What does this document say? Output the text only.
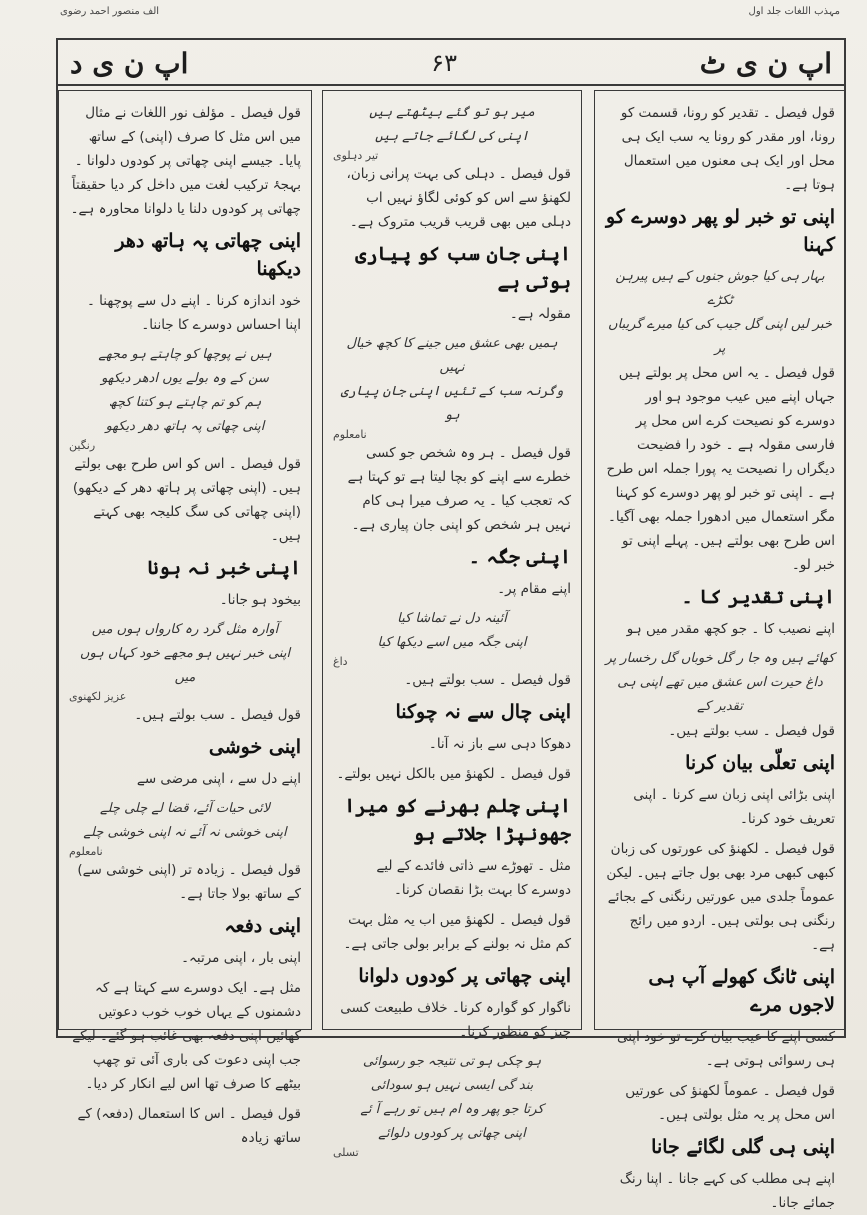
مہذب اللغات جلد اول
الف منصور احمد رضوی
اپ ن ی ٹ
۶۳
اپ ن ی د
قول فیصل ۔ تقدیر کو رونا، قسمت کو رونا، اور مقدر کو رونا یہ سب ایک ہی محل اور ایک ہی معنوں میں استعمال ہوتا ہے۔
اپنی تو خبر لو پھر دوسرے کو کہنا
بہار ہی کیا جوش جنوں کے ہیں پیرہن ٹکڑے
خبر لیں اپنی گل جیب کی کیا میرے گریباں پر
قول فیصل ۔ یہ اس محل پر بولتے ہیں جہاں اپنے میں عیب موجود ہو اور دوسرے کو نصیحت کرے اس محل پر فارسی مقولہ ہے ۔ خود را فضیحت دیگراں را نصیحت یہ پورا جملہ اس طرح ہے ۔ اپنی تو خبر لو پھر دوسرے کو کہنا مگر استعمال میں ادھورا جملہ بھی آگیا۔ اس طرح بھی بولتے ہیں۔ پہلے اپنی تو خبر لو۔
اپنی تقدیر کا ۔
اپنے نصیب کا ۔ جو کچھ مقدر میں ہو
کھائے ہیں وہ جا ر گل خوباں گل رخسار پر
داغ حیرت اس عشق میں تھے اپنی ہی تقدیر کے
قول فیصل ۔ سب بولتے ہیں۔
اپنی تعلّی بیان کرنا
اپنی بڑائی اپنی زبان سے کرنا ۔ اپنی تعریف خود کرنا۔
قول فیصل ۔ لکھنؤ کی عورتوں کی زبان کبھی کبھی مرد بھی بول جاتے ہیں۔ لیکن عموماً جلدی میں عورتیں رنگنی کے بجائے رنگنی ہی بولتی ہیں۔ اردو میں رائج ہے۔
اپنی ٹانگ کھولے آپ ہی لاجوں مرے
کسی اپنے کا عیب بیان کرے تو خود اپنی ہی رسوائی ہوتی ہے۔
قول فیصل ۔ عموماً لکھنؤ کی عورتیں اس محل پر یہ مثل بولتی ہیں۔
اپنی ہی گلی لگائے جانا
اپنے ہی مطلب کی کہے جانا ۔ اپنا رنگ جمائے جانا۔
میر ہو تو گئے بیٹھتے ہیں
اپنی کی لگائے جاتے ہیں
تیر دہلوی
قول فیصل ۔ دہلی کی بہت پرانی زبان، لکھنؤ سے اس کو کوئی لگاؤ نہیں اب دہلی میں بھی قریب قریب متروک ہے۔
اپنی جان سب کو پیاری ہوتی ہے
مقولہ ہے۔
ہمیں بھی عشق میں جینے کا کچھ خیال نہیں
وگرنہ سب کے تئیں اپنی جان پیاری ہو
نامعلوم
قول فیصل ۔ ہر وہ شخص جو کسی خطرے سے اپنے کو بچا لیتا ہے تو کہتا ہے کہ تعجب کیا ۔ یہ صرف میرا ہی کام نہیں ہر شخص کو اپنی جان پیاری ہے۔
اپنی جگہ ۔
اپنے مقام پر۔
آئینہ دل نے تماشا کیا
اپنی جگہ میں اسے دیکھا کیا
داغ
قول فیصل ۔ سب بولتے ہیں۔
اپنی چال سے نہ چوکنا
دھوکا دہی سے باز نہ آنا۔
قول فیصل ۔ لکھنؤ میں بالکل نہیں بولتے۔
اپنی چلم بھرنے کو میرا جھونپڑا جلاتے ہو
مثل ۔ تھوڑے سے ذاتی فائدے کے لیے دوسرے کا بہت بڑا نقصان کرنا۔
قول فیصل ۔ لکھنؤ میں اب یہ مثل بہت کم مثل نہ بولنے کے برابر بولی جاتی ہے۔
اپنی چھاتی پر کودوں دلوانا
ناگوار کو گوارہ کرنا۔ خلاف طبیعت کسی چیز کو منظور کرنا۔
ہو چکی ہو تی نتیجہ جو رسوائی
بند گی ایسی نہیں ہو سودائی
کرتا جو پھر وہ ام ہیں تو رہے آ ئے
اپنی چھاتی پر کودوں دلوائے
تسلی
قول فیصل ۔ مؤلف نور اللغات نے مثال میں اس مثل کا صرف (اپنی) کے ساتھ پایا۔ جیسے اپنی چھاتی پر کودوں دلوانا ۔ بہجۂ ترکیب لغت میں داخل کر دیا حقیقتاً چھاتی پر کودوں دلنا یا دلوانا محاورہ ہے۔
اپنی چھاتی پہ ہاتھ دھر دیکھنا
خود اندازہ کرنا ۔ اپنے دل سے پوچھنا ۔ اپنا احساس دوسرے کا جاننا۔
ہیں نے پوچھا کو چاہتے ہو مجھے
سن کے وہ بولے یوں ادھر دیکھو
ہم کو تم چاہتے ہو کتنا کچھ
اپنی چھاتی پہ ہاتھ دھر دیکھو
رنگین
قول فیصل ۔ اس کو اس طرح بھی بولتے ہیں۔ (اپنی چھاتی پر ہاتھ دھر کے دیکھو) (اپنی چھاتی کی سگ کلیجہ بھی کہتے ہیں۔
اپنی خبر نہ ہونا
بیخود ہو جانا۔
آوارہ مثل گرد رہ کارواں ہوں میں
اپنی خبر نہیں ہو مجھے خود کہاں ہوں میں
عزیز لکھنوی
قول فیصل ۔ سب بولتے ہیں۔
اپنی خوشی
اپنے دل سے ، اپنی مرضی سے
لائی حیات آئے، قضا لے چلی چلے
اپنی خوشی نہ آئے نہ اپنی خوشی چلے
نامعلوم
قول فیصل ۔ زیادہ تر (اپنی خوشی سے) کے ساتھ بولا جاتا ہے۔
اپنی دفعہ
اپنی بار ، اپنی مرتبہ۔
مثل ہے۔ ایک دوسرے سے کہتا ہے کہ دشمنوں کے یہاں خوب خوب دعوتیں کھائیں اپنی دفعہ بھی غائب ہو گئے۔ لیکے جب اپنی دعوت کی باری آئی تو چھپ بیٹھے کا صرف تھا اس لیے انکار کر دیا۔
قول فیصل ۔ اس کا استعمال (دفعہ) کے ساتھ زیادہ
